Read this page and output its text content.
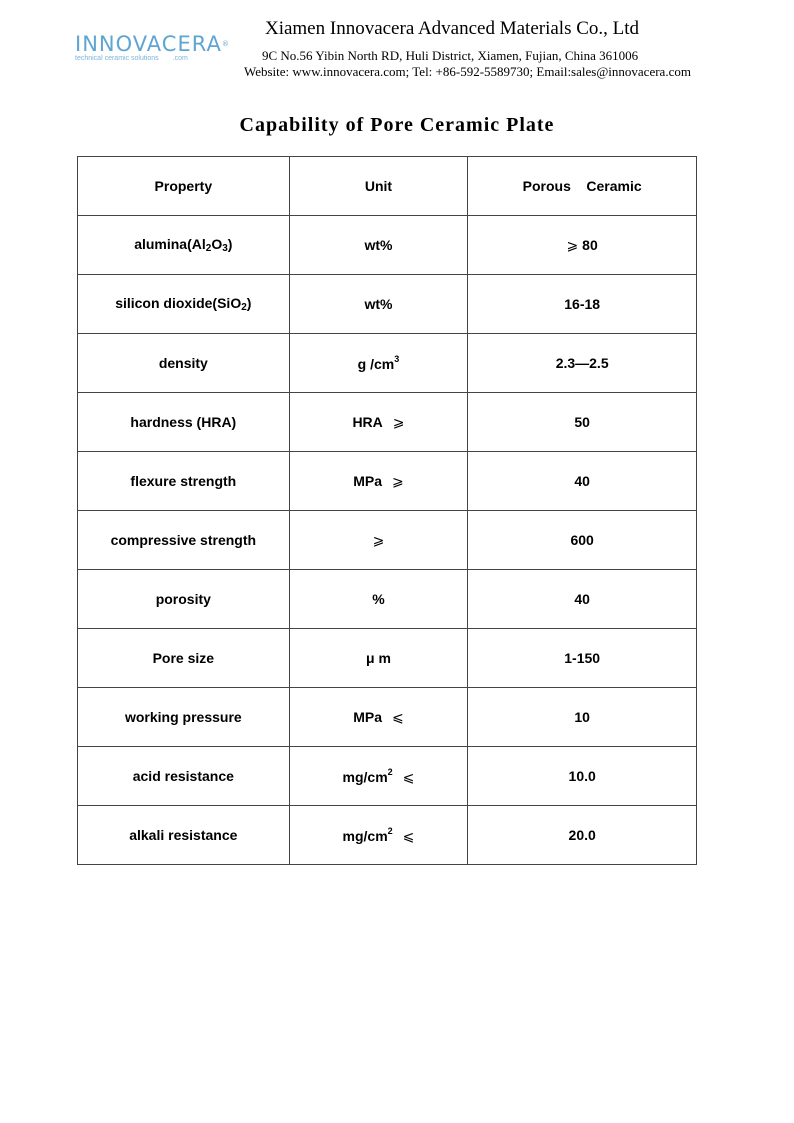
INNOVACERA®
technical ceramic solutions .com
Xiamen Innovacera Advanced Materials Co., Ltd
9C No.56 Yibin North RD, Huli District, Xiamen, Fujian, China 361006
Website: www.innovacera.com; Tel: +86-592-5589730; Email:sales@innovacera.com
Capability of Pore Ceramic Plate
Property	Unit	Porous    Ceramic
$alumina(Al_2O_3)$	wt%	⩾ 80
silicon dioxide(SiO$_2$)	wt%	16-18
density	g $/cm^3$	2.3—2.5
hardness (HRA)	HRA ⩾	50
flexure strength	MPa ⩾	40
compressive strength	⩾	600
porosity	%	40
Pore size	μ m	1-150
working pressure	MPa ⩽	10
acid resistance	$mg/cm^2$ ⩽	10.0
alkali resistance	$mg/cm^2$ ⩽	20.0
